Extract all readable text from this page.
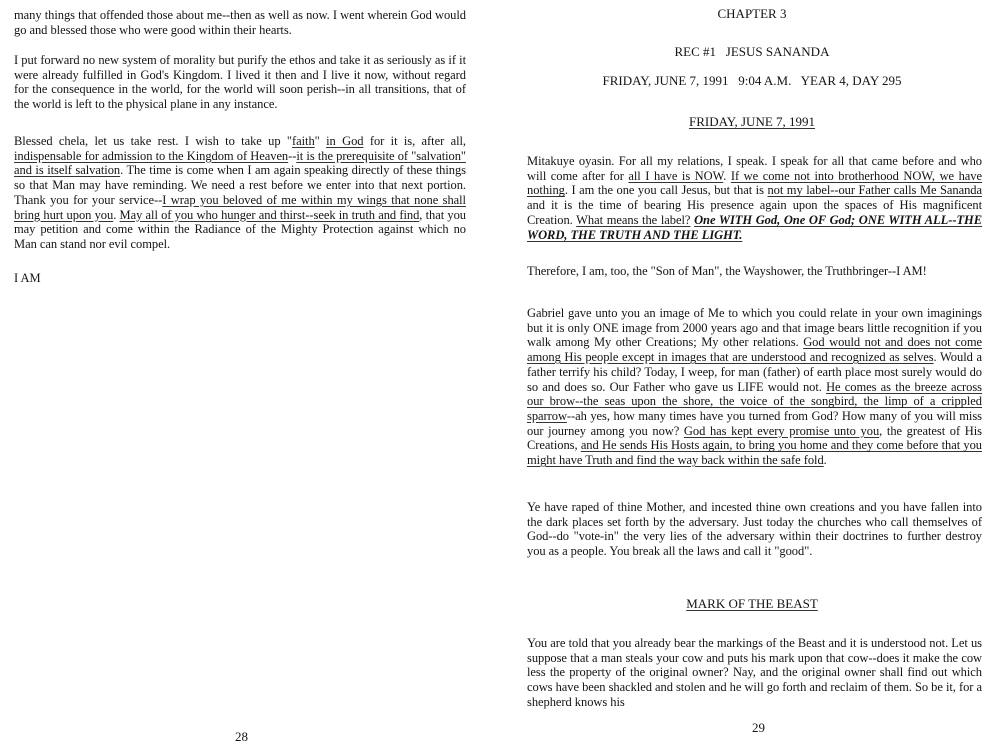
many things that offended those about me--then as well as now. I went wherein God would go and blessed those who were good within their hearts.

I put forward no new system of morality but purify the ethos and take it as seriously as if it were already fulfilled in God's Kingdom. I lived it then and I live it now, without regard for the consequence in the world, for the world will soon perish--in all transitions, that of the world is left to the physical plane in any instance.

Blessed chela, let us take rest. I wish to take up "faith" in God for it is, after all, indispensable for admission to the Kingdom of Heaven--it is the prerequisite of "salvation" and is itself salvation. The time is come when I am again speaking directly of these things so that Man may have reminding. We need a rest before we enter into that next portion. Thank you for your service--I wrap you beloved of me within my wings that none shall bring hurt upon you. May all of you who hunger and thirst--seek in truth and find, that you may petition and come within the Radiance of the Mighty Protection against which no Man can stand nor evil compel.

I AM

28
CHAPTER 3
REC #1   JESUS SANANDA
FRIDAY, JUNE 7, 1991   9:04 A.M.   YEAR 4, DAY 295
FRIDAY, JUNE 7, 1991

Mitakuye oyasin. For all my relations, I speak. I speak for all that came before and who will come after for all I have is NOW. If we come not into brotherhood NOW, we have nothing. I am the one you call Jesus, but that is not my label--our Father calls Me Sananda and it is the time of bearing His presence again upon the spaces of His magnificent Creation. What means the label? One WITH God, One OF God; ONE WITH ALL--THE WORD, THE TRUTH AND THE LIGHT.

Therefore, I am, too, the "Son of Man", the Wayshower, the Truthbringer--I AM!

Gabriel gave unto you an image of Me to which you could relate in your own imaginings but it is only ONE image from 2000 years ago and that image bears little recognition if you walk among My other Creations; My other relations. God would not and does not come among His people except in images that are understood and recognized as selves. Would a father terrify his child? Today, I weep, for man (father) of earth place most surely would do so and does so. Our Father who gave us LIFE would not. He comes as the breeze across our brow--the seas upon the shore, the voice of the songbird, the limp of a crippled sparrow--ah yes, how many times have you turned from God? How many of you will miss our journey among you now? God has kept every promise unto you, the greatest of His Creations, and He sends His Hosts again, to bring you home and they come before that you might have Truth and find the way back within the safe fold.

Ye have raped of thine Mother, and incested thine own creations and you have fallen into the dark places set forth by the adversary. Just today the churches who call themselves of God--do "vote-in" the very lies of the adversary within their doctrines to further destroy you as a people. You break all the laws and call it "good".

MARK OF THE BEAST

You are told that you already bear the markings of the Beast and it is understood not. Let us suppose that a man steals your cow and puts his mark upon that cow--does it make the cow less the property of the original owner? Nay, and the original owner shall find out which cows have been shackled and stolen and he will go forth and reclaim of them. So be it, for a shepherd knows his

29
